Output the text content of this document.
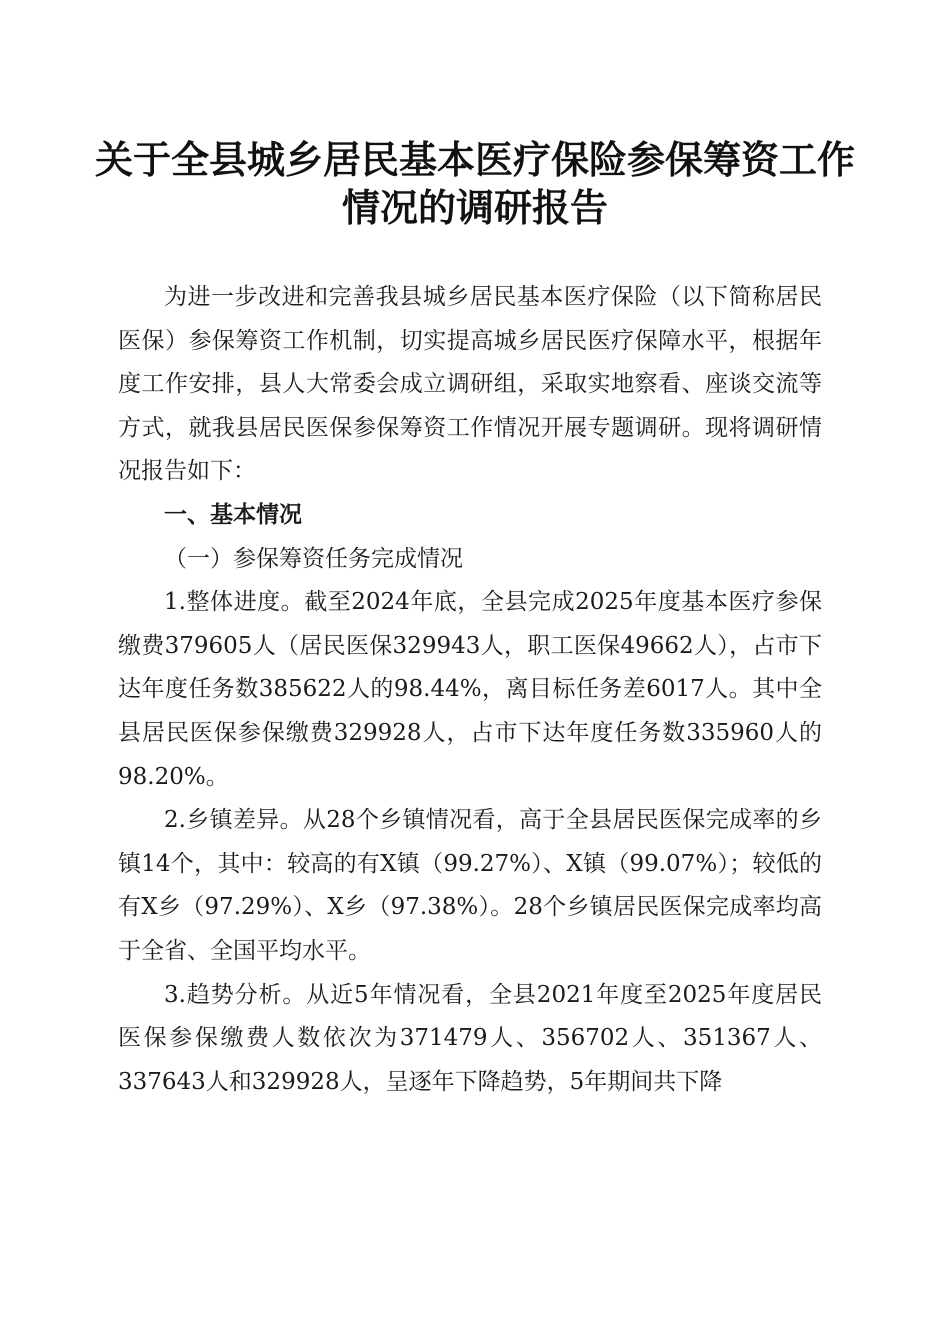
关于全县城乡居民基本医疗保险参保筹资工作
情况的调研报告

为进一步改进和完善我县城乡居民基本医疗保险（以下简称居民医保）参保筹资工作机制，切实提高城乡居民医疗保障水平，根据年度工作安排，县人大常委会成立调研组，采取实地察看、座谈交流等方式，就我县居民医保参保筹资工作情况开展专题调研。现将调研情况报告如下：

一、基本情况

（一）参保筹资任务完成情况

1.整体进度。截至2024年底，全县完成2025年度基本医疗参保缴费379605人（居民医保329943人，职工医保49662人），占市下达年度任务数385622人的98.44%，离目标任务差6017人。其中全县居民医保参保缴费329928人，占市下达年度任务数335960人的98.20%。

2.乡镇差异。从28个乡镇情况看，高于全县居民医保完成率的乡镇14个，其中：较高的有X镇（99.27%）、X镇（99.07%）；较低的有X乡（97.29%）、X乡（97.38%）。28个乡镇居民医保完成率均高于全省、全国平均水平。

3.趋势分析。从近5年情况看，全县2021年度至2025年度居民医保参保缴费人数依次为371479人、356702人、351367人、337643人和329928人，呈逐年下降趋势，5年期间共下降
